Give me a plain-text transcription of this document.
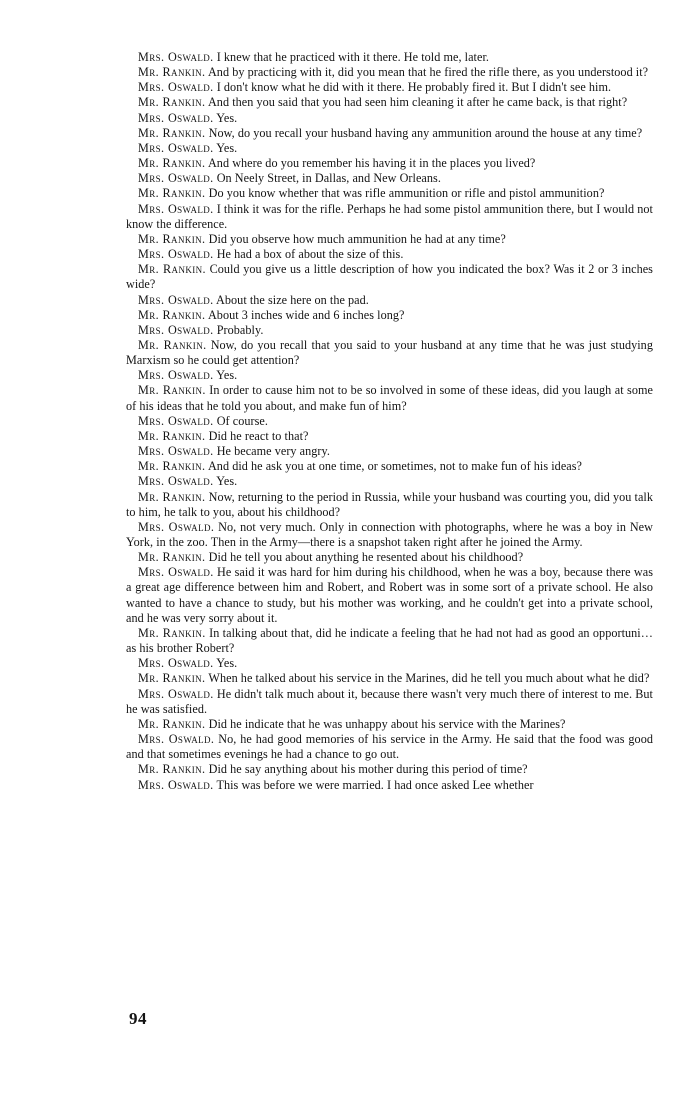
Mrs. Oswald. I knew that he practiced with it there. He told me, later.

Mr. Rankin. And by practicing with it, did you mean that he fired the rifle there, as you understood it?

Mrs. Oswald. I don't know what he did with it there. He probably fired it. But I didn't see him.

Mr. Rankin. And then you said that you had seen him cleaning it after he came back, is that right?

Mrs. Oswald. Yes.

Mr. Rankin. Now, do you recall your husband having any ammunition around the house at any time?

Mrs. Oswald. Yes.

Mr. Rankin. And where do you remember his having it in the places you lived?

Mrs. Oswald. On Neely Street, in Dallas, and New Orleans.

Mr. Rankin. Do you know whether that was rifle ammunition or rifle and pistol ammunition?

Mrs. Oswald. I think it was for the rifle. Perhaps he had some pistol ammunition there, but I would not know the difference.

Mr. Rankin. Did you observe how much ammunition he had at any time?

Mrs. Oswald. He had a box of about the size of this.

Mr. Rankin. Could you give us a little description of how you indicated the box? Was it 2 or 3 inches wide?

Mrs. Oswald. About the size here on the pad.

Mr. Rankin. About 3 inches wide and 6 inches long?

Mrs. Oswald. Probably.

Mr. Rankin. Now, do you recall that you said to your husband at any time that he was just studying Marxism so he could get attention?

Mrs. Oswald. Yes.

Mr. Rankin. In order to cause him not to be so involved in some of these ideas, did you laugh at some of his ideas that he told you about, and make fun of him?

Mrs. Oswald. Of course.

Mr. Rankin. Did he react to that?

Mrs. Oswald. He became very angry.

Mr. Rankin. And did he ask you at one time, or sometimes, not to make fun of his ideas?

Mrs. Oswald. Yes.

Mr. Rankin. Now, returning to the period in Russia, while your husband was courting you, did you talk to him, he talk to you, about his childhood?

Mrs. Oswald. No, not very much. Only in connection with photographs, where he was a boy in New York, in the zoo. Then in the Army—there is a snapshot taken right after he joined the Army.

Mr. Rankin. Did he tell you about anything he resented about his childhood?

Mrs. Oswald. He said it was hard for him during his childhood, when he was a boy, because there was a great age difference between him and Robert, and Robert was in some sort of a private school. He also wanted to have a chance to study, but his mother was working, and he couldn't get into a private school, and he was very sorry about it.

Mr. Rankin. In talking about that, did he indicate a feeling that he had not had as good an opportuni… as his brother Robert?

Mrs. Oswald. Yes.

Mr. Rankin. When he talked about his service in the Marines, did he tell you much about what he did?

Mrs. Oswald. He didn't talk much about it, because there wasn't very much there of interest to me. But he was satisfied.

Mr. Rankin. Did he indicate that he was unhappy about his service with the Marines?

Mrs. Oswald. No, he had good memories of his service in the Army. He said that the food was good and that sometimes evenings he had a chance to go out.

Mr. Rankin. Did he say anything about his mother during this period of time?

Mrs. Oswald. This was before we were married. I had once asked Lee whether

94
